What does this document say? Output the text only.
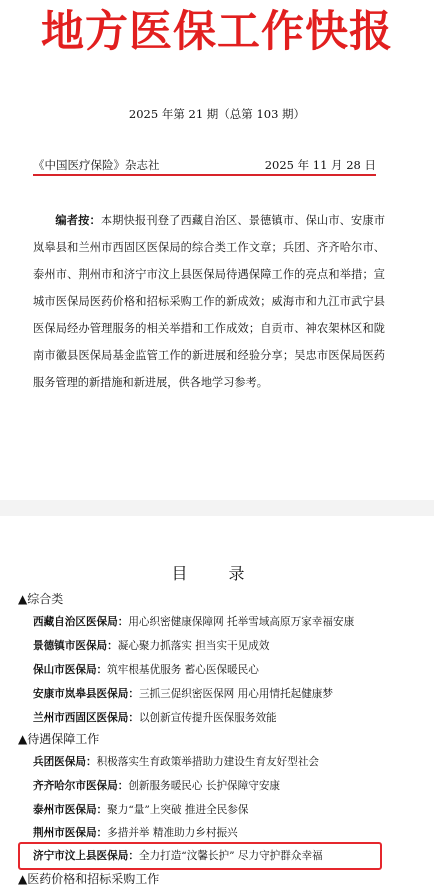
地方医保工作快报
2025 年第 21 期（总第 103 期）
《中国医疗保险》杂志社	2025 年 11 月 28 日
编者按：本期快报刊登了西藏自治区、景德镇市、保山市、安康市岚皋县和兰州市西固区医保局的综合类工作文章；兵团、齐齐哈尔市、泰州市、荆州市和济宁市汶上县医保局待遇保障工作的亮点和举措；宣城市医保局医药价格和招标采购工作的新成效；威海市和九江市武宁县医保局经办管理服务的相关举措和工作成效；自贡市、神农架林区和陇南市徽县医保局基金监管工作的新进展和经验分享；吴忠市医保局医药服务管理的新措施和新进展，供各地学习参考。
目 录
▲综合类
西藏自治区医保局：用心织密健康保障网 托举雪域高原万家幸福安康
景德镇市医保局：凝心聚力抓落实 担当实干见成效
保山市医保局：筑牢根基优服务 蓄心医保暖民心
安康市岚皋县医保局：三抓三促织密医保网 用心用情托起健康梦
兰州市西固区医保局：以创新宣传提升医保服务效能
▲待遇保障工作
兵团医保局：积极落实生育政策举措助力建设生育友好型社会
齐齐哈尔市医保局：创新服务暖民心 长护保障守安康
泰州市医保局：聚力“量”上突破 推进全民参保
荆州市医保局：多措并举 精准助力乡村振兴
济宁市汶上县医保局：全力打造“汶馨长护” 尽力守护群众幸福
▲医药价格和招标采购工作
